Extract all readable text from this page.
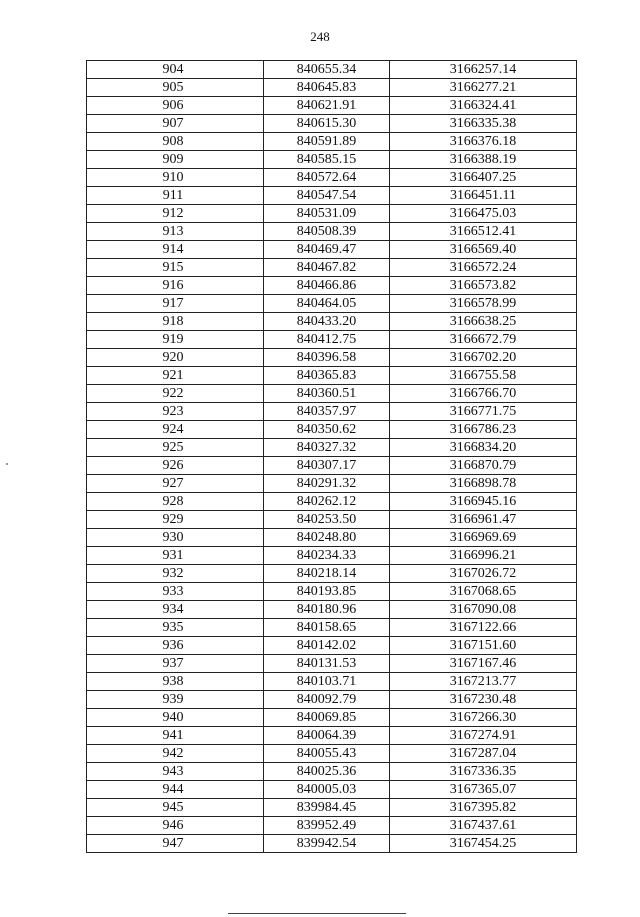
248
904	840655.34	3166257.14
905	840645.83	3166277.21
906	840621.91	3166324.41
907	840615.30	3166335.38
908	840591.89	3166376.18
909	840585.15	3166388.19
910	840572.64	3166407.25
911	840547.54	3166451.11
912	840531.09	3166475.03
913	840508.39	3166512.41
914	840469.47	3166569.40
915	840467.82	3166572.24
916	840466.86	3166573.82
917	840464.05	3166578.99
918	840433.20	3166638.25
919	840412.75	3166672.79
920	840396.58	3166702.20
921	840365.83	3166755.58
922	840360.51	3166766.70
923	840357.97	3166771.75
924	840350.62	3166786.23
925	840327.32	3166834.20
926	840307.17	3166870.79
927	840291.32	3166898.78
928	840262.12	3166945.16
929	840253.50	3166961.47
930	840248.80	3166969.69
931	840234.33	3166996.21
932	840218.14	3167026.72
933	840193.85	3167068.65
934	840180.96	3167090.08
935	840158.65	3167122.66
936	840142.02	3167151.60
937	840131.53	3167167.46
938	840103.71	3167213.77
939	840092.79	3167230.48
940	840069.85	3167266.30
941	840064.39	3167274.91
942	840055.43	3167287.04
943	840025.36	3167336.35
944	840005.03	3167365.07
945	839984.45	3167395.82
946	839952.49	3167437.61
947	839942.54	3167454.25
